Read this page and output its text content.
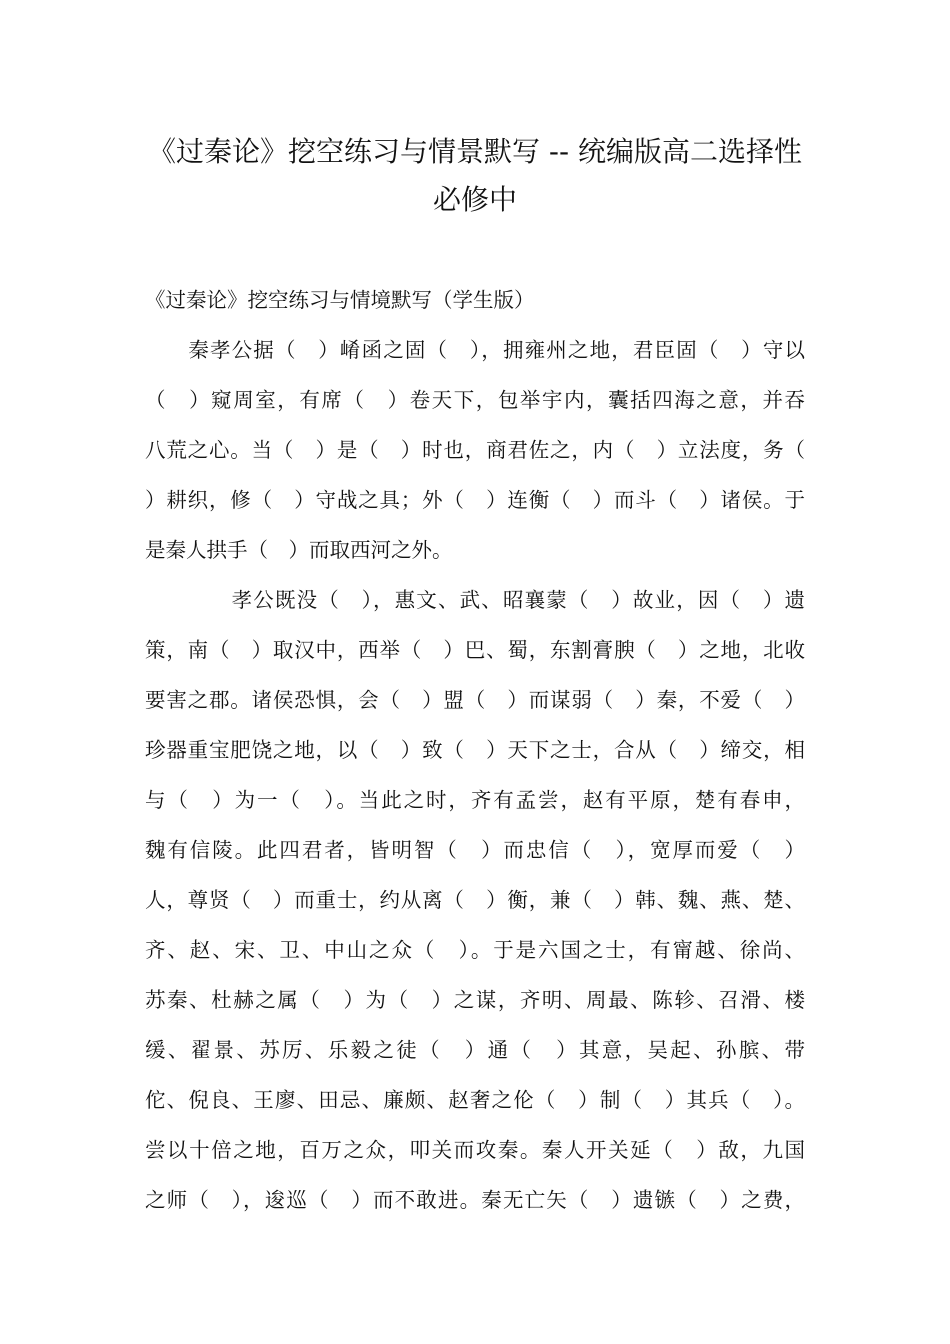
《过秦论》挖空练习与情景默写 -- 统编版高二选择性
必修中
《过秦论》挖空练习与情境默写（学生版）
　　秦孝公据（　）崤函之固（　），拥雍州之地，君臣固（　）守以
（　）窥周室，有席（　）卷天下，包举宇内，囊括四海之意，并吞
八荒之心。当（　）是（　）时也，商君佐之，内（　）立法度，务（
）耕织，修（　）守战之具；外（　）连衡（　）而斗（　）诸侯。于
是秦人拱手（　）而取西河之外。
　　　　孝公既没（　），惠文、武、昭襄蒙（　）故业，因（　）遗
策，南（　）取汉中，西举（　）巴、蜀，东割膏腴（　）之地，北收
要害之郡。诸侯恐惧，会（　）盟（　）而谋弱（　）秦，不爱（　）
珍器重宝肥饶之地，以（　）致（　）天下之士，合从（　）缔交，相
与（　）为一（　）。当此之时，齐有孟尝，赵有平原，楚有春申，
魏有信陵。此四君者，皆明智（　）而忠信（　），宽厚而爱（　）
人，尊贤（　）而重士，约从离（　）衡，兼（　）韩、魏、燕、楚、
齐、赵、宋、卫、中山之众（　）。于是六国之士，有甯越、徐尚、
苏秦、杜赫之属（　）为（　）之谋，齐明、周最、陈轸、召滑、楼
缓、翟景、苏厉、乐毅之徒（　）通（　）其意，吴起、孙膑、带
佗、倪良、王廖、田忌、廉颇、赵奢之伦（　）制（　）其兵（　）。
尝以十倍之地，百万之众，叩关而攻秦。秦人开关延（　）敌，九国
之师（　），逡巡（　）而不敢进。秦无亡矢（　）遗镞（　）之费，
